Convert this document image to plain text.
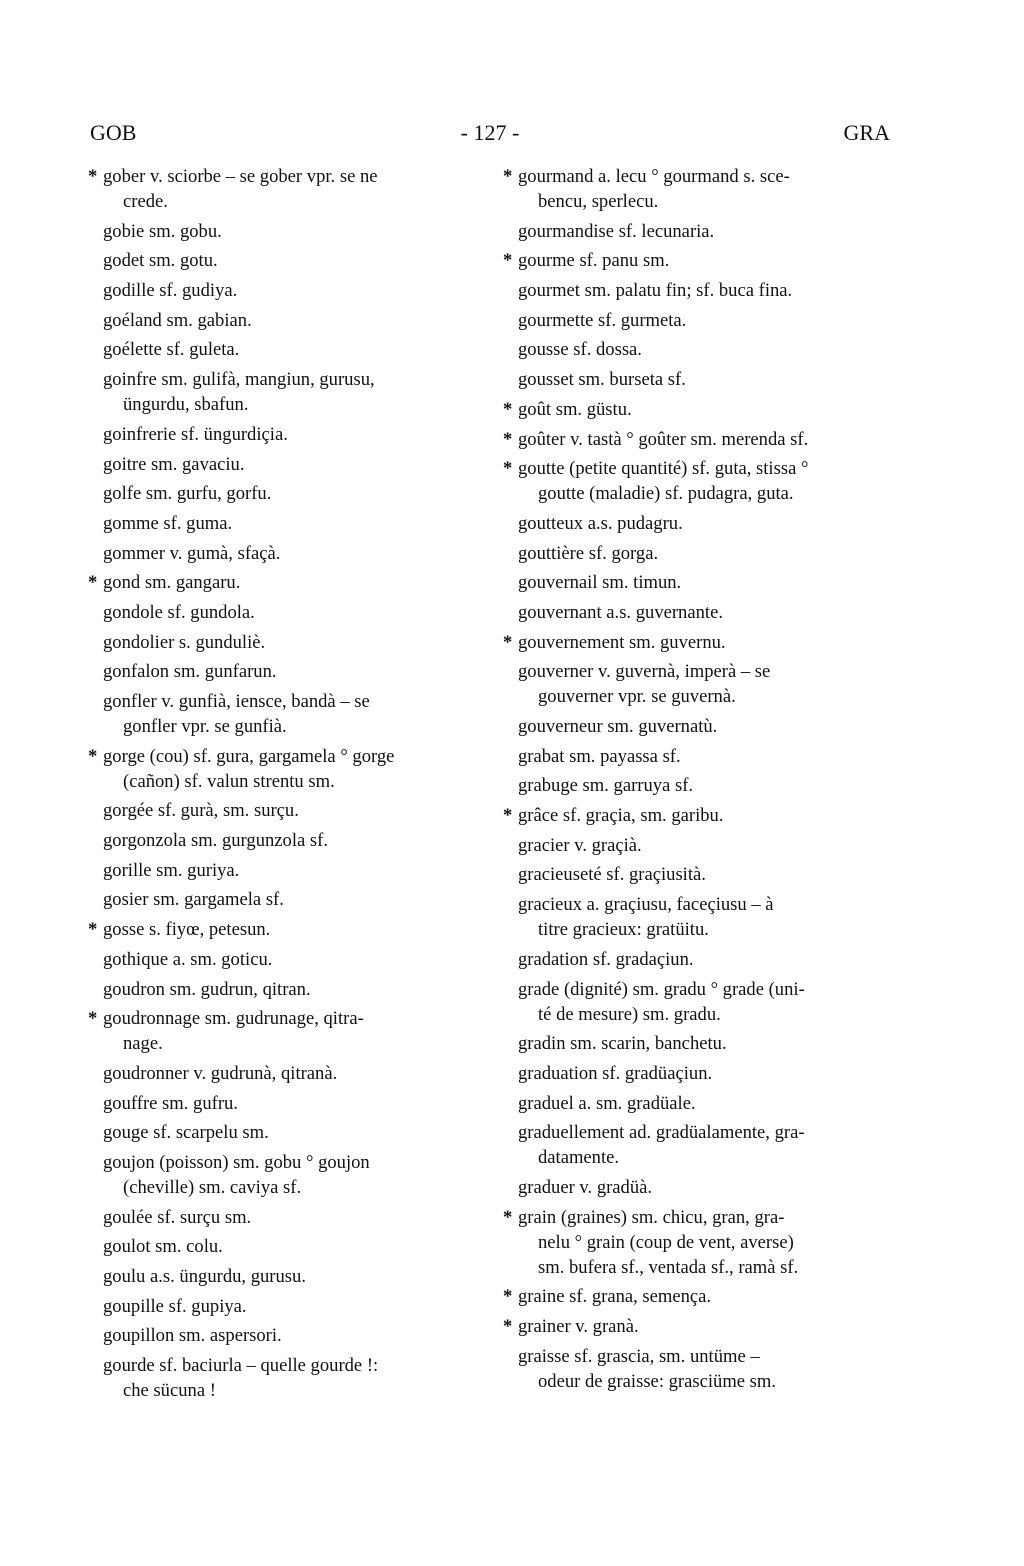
GOB	- 127 -	GRA
* gober v. sciorbe – se gober vpr. se ne
crede.
gobie sm. gobu.
godet sm. gotu.
godille sf. gudiya.
goéland sm. gabian.
goélette sf. guleta.
goinfre sm. gulifà, mangiun, gurusu,
üngurdu, sbafun.
goinfrerie sf. üngurdiçia.
goitre sm. gavaciu.
golfe sm. gurfu, gorfu.
gomme sf. guma.
gommer v. gumà, sfaçà.
* gond sm. gangaru.
gondole sf. gundola.
gondolier s. gunduliè.
gonfalon sm. gunfarun.
gonfler v. gunfià, iensce, bandà – se
gonfler vpr. se gunfià.
* gorge (cou) sf. gura, gargamela ° gorge
(cañon) sf. valun strentu sm.
gorgée sf. gurà, sm. surçu.
gorgonzola sm. gurgunzola sf.
gorille sm. guriya.
gosier sm. gargamela sf.
* gosse s. fiyœ, petesun.
gothique a. sm. goticu.
goudron sm. gudrun, qitran.
* goudronnage sm. gudrunage, qitra-
nage.
goudronner v. gudrunà, qitranà.
gouffre sm. gufru.
gouge sf. scarpelu sm.
goujon (poisson) sm. gobu ° goujon
(cheville) sm. caviya sf.
goulée sf. surçu sm.
goulot sm. colu.
goulu a.s. üngurdu, gurusu.
goupille sf. gupiya.
goupillon sm. aspersori.
gourde sf. baciurla – quelle gourde !:
che sücuna !
* gourmand a. lecu ° gourmand s. sce-
bencu, sperlecu.
gourmandise sf. lecunaria.
* gourme sf. panu sm.
gourmet sm. palatu fin; sf. buca fina.
gourmette sf. gurmeta.
gousse sf. dossa.
gousset sm. burseta sf.
* goût sm. güstu.
* goûter v. tastà ° goûter sm. merenda sf.
* goutte (petite quantité) sf. guta, stissa °
goutte (maladie) sf. pudagra, guta.
goutteux a.s. pudagru.
gouttière sf. gorga.
gouvernail sm. timun.
gouvernant a.s. guvernante.
* gouvernement sm. guvernu.
gouverner v. guvernà, imperà – se
gouverner vpr. se guvernà.
gouverneur sm. guvernatù.
grabat sm. payassa sf.
grabuge sm. garruya sf.
* grâce sf. graçia, sm. garibu.
gracier v. graçià.
gracieuseté sf. graçiusità.
gracieux a. graçiusu, faceçiusu – à
titre gracieux: gratüitu.
gradation sf. gradaçiun.
grade (dignité) sm. gradu ° grade (uni-
té de mesure) sm. gradu.
gradin sm. scarin, banchetu.
graduation sf. gradüaçiun.
graduel a. sm. gradüale.
graduellement ad. gradüalamente, gra-
datamente.
graduer v. gradüà.
* grain (graines) sm. chicu, gran, gra-
nelu ° grain (coup de vent, averse)
sm. bufera sf., ventada sf., ramà sf.
* graine sf. grana, semença.
* grainer v. granà.
graisse sf. grascia, sm. untüme –
odeur de graisse: grasciüme sm.
